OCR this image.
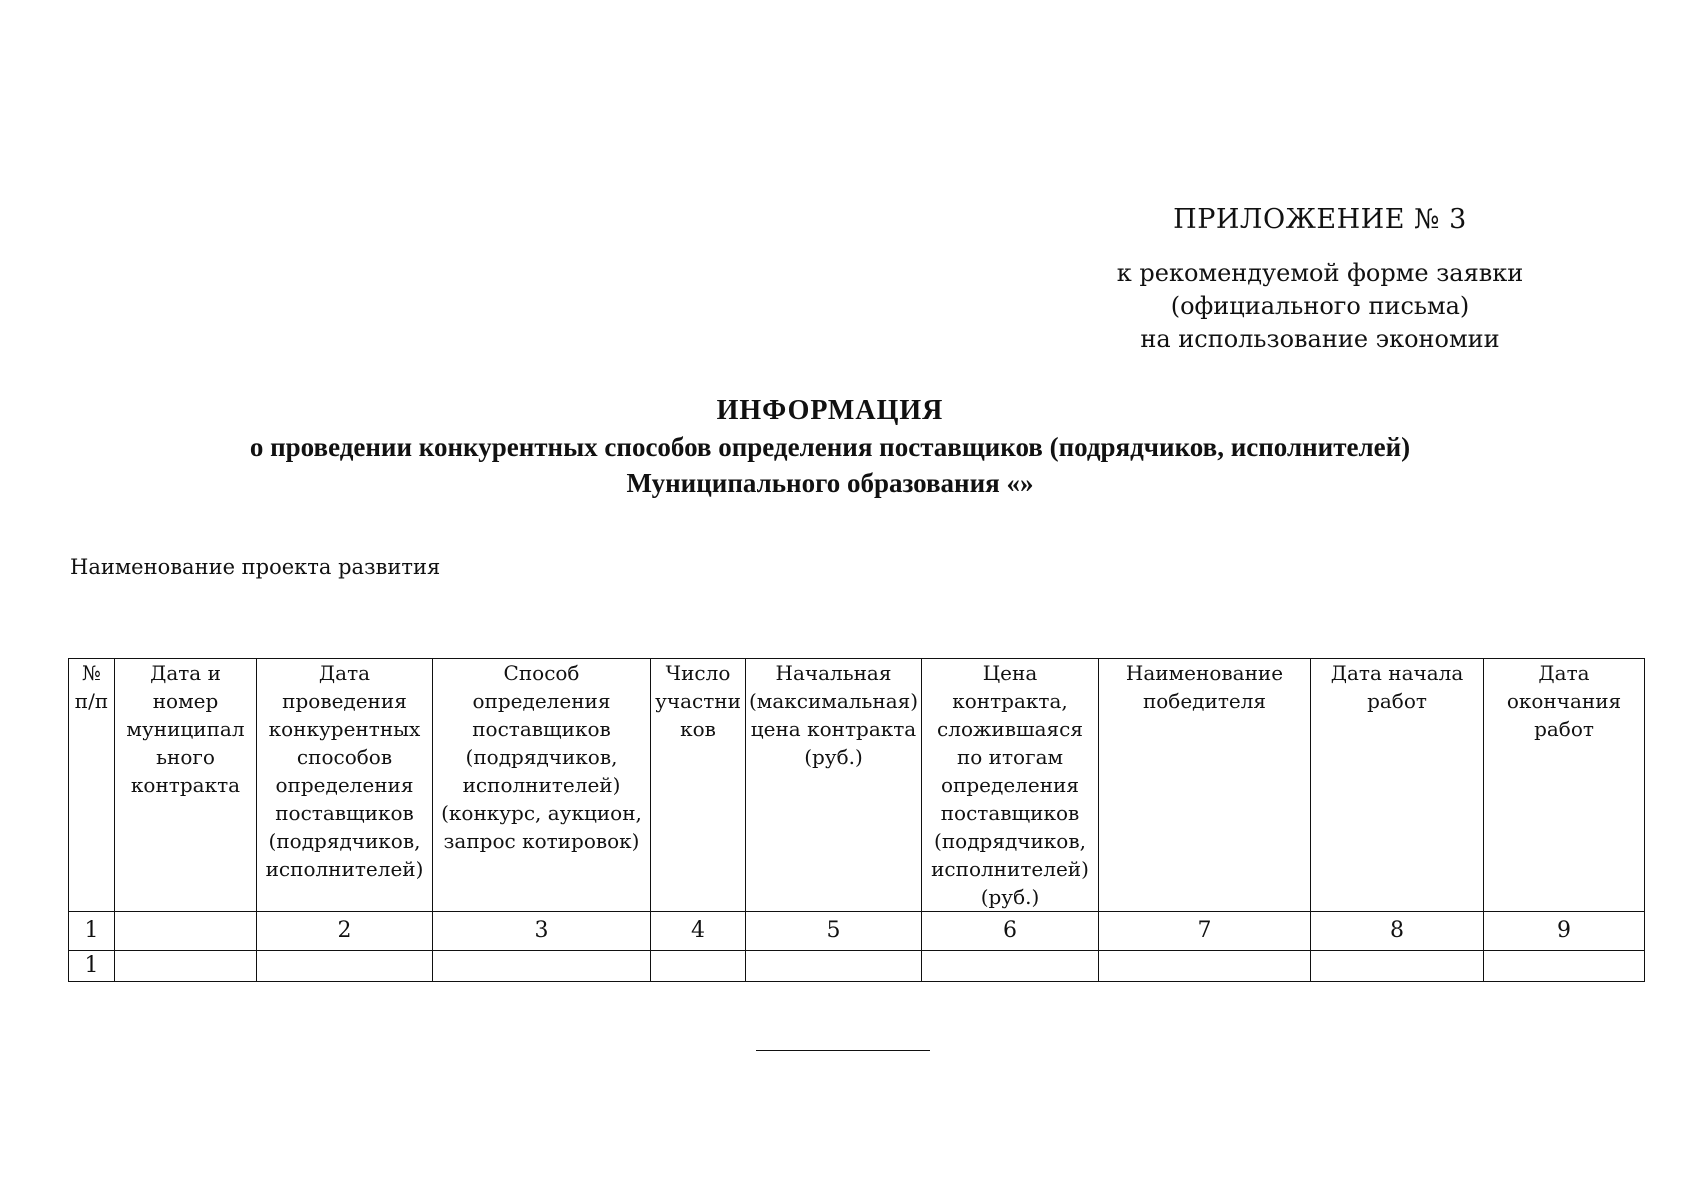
ПРИЛОЖЕНИЕ № 3
к рекомендуемой форме заявки
(официального письма)
на использование экономии
ИНФОРМАЦИЯ
о проведении конкурентных способов определения поставщиков (подрядчиков, исполнителей)
Муниципального образования «»
Наименование проекта развития
№ п/п	Дата и номер муниципал ьного контракта	Дата проведения конкурентных способов определения поставщиков (подрядчиков, исполнителей)	Способ определения поставщиков (подрядчиков, исполнителей) (конкурс, аукцион, запрос котировок)	Число участни ков	Начальная (максимальная) цена контракта (руб.)	Цена контракта, сложившаяся по итогам определения поставщиков (подрядчиков, исполнителей) (руб.)	Наименование победителя	Дата начала работ	Дата окончания работ
1		2	3	4	5	6	7	8	9
1									
